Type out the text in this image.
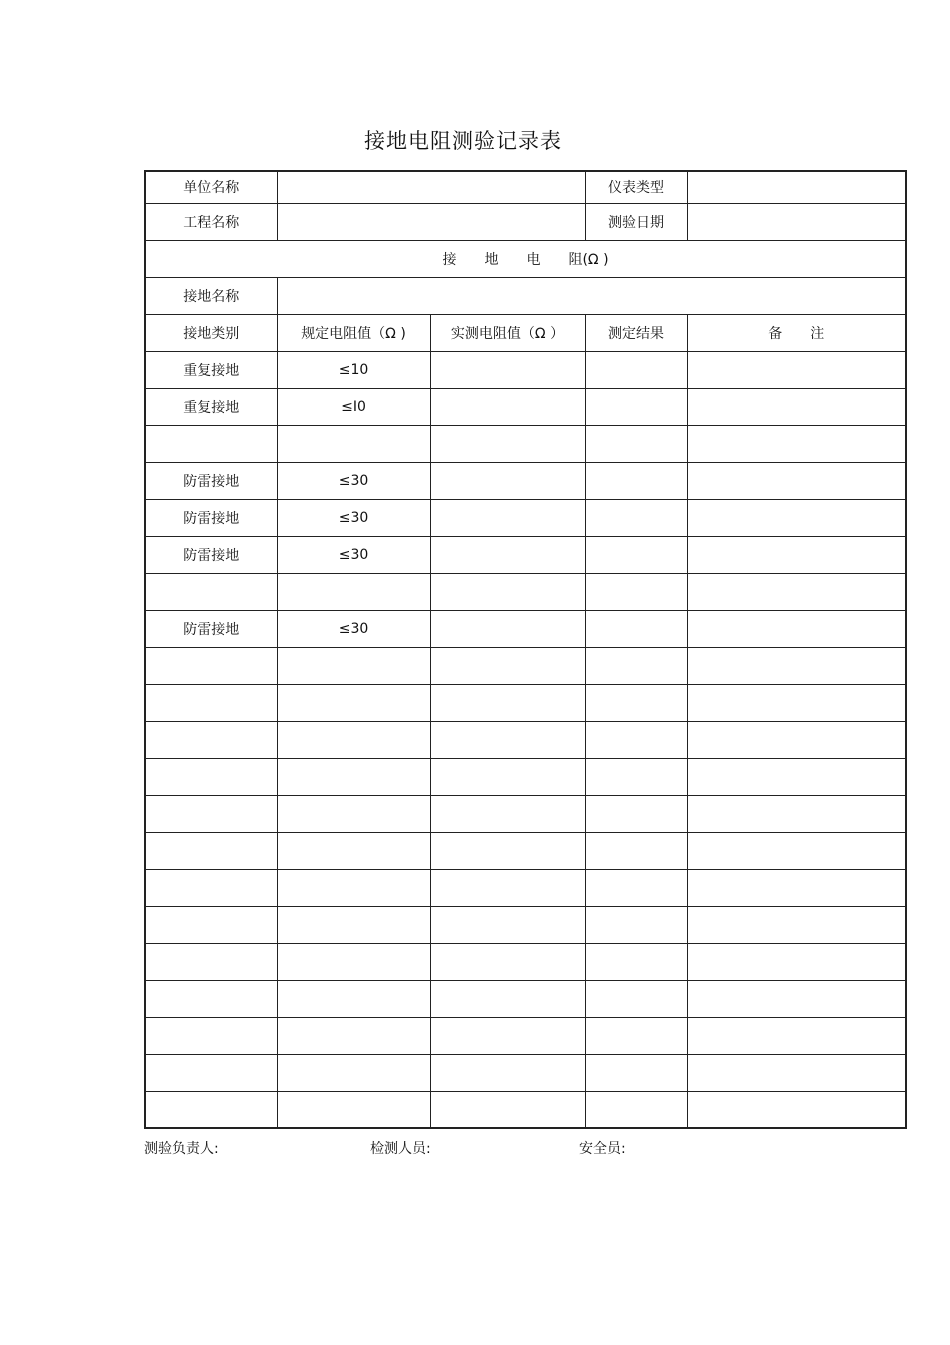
接地电阻测验记录表
单位名称			仪表类型	
工程名称			测验日期	
接　　地　　电　　阻(Ω )				
接地名称				
接地类别	规定电阻值（Ω )	实测电阻值（Ω ）	测定结果	备　　注
重复接地	≤10			
重复接地	≤I0			

防雷接地	≤30			
防雷接地	≤30			
防雷接地	≤30			

防雷接地	≤30			

测验负责人:	检测人员:	安全员:
